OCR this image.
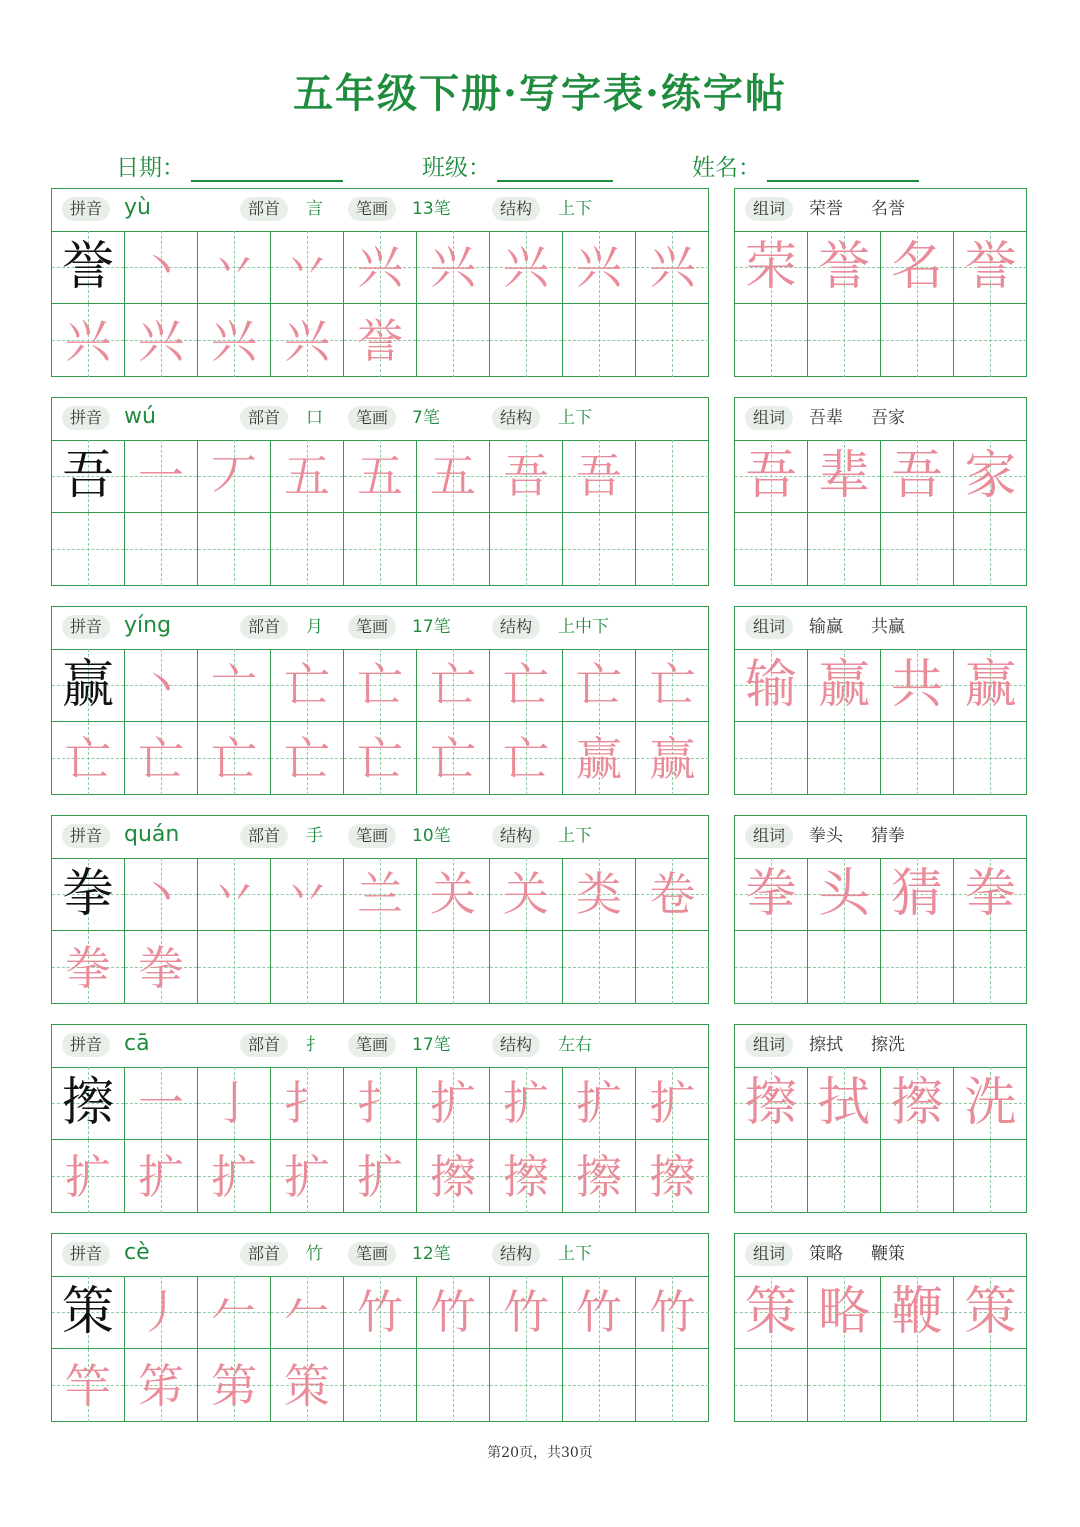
五年级下册·写字表·练字帖
日期：	班级：	姓名：
拼音 yù	部首	言	笔画	13笔	结构	上下
誉 丶 丷 丷 兴 兴 兴 兴 兴
兴 兴 兴 兴 誉
组词	荣誉 名誉
荣 誉 名 誉
拼音 wú	部首	口	笔画	7笔	结构	上下
吾 一 丆 五 五 五 吾 吾
组词	吾辈 吾家
吾 辈 吾 家
拼音 yíng	部首	月	笔画	17笔	结构	上中下
赢 丶 亠 亡 亡 亡 亡 亡 亡
亡 亡 亡 亡 亡 亡 亡 赢 赢
组词	输赢 共赢
输 赢 共 赢
拼音 quán	部首	手	笔画	10笔	结构	上下
拳 丶 丷 丷 兰 关 关 类 卷
拳 拳
组词	拳头 猜拳
拳 头 猜 拳
拼音 cā	部首	扌	笔画	17笔	结构	左右
擦 一 亅 扌 扌 扩 扩 扩 扩
扩 扩 扩 扩 扩 擦 擦 擦 擦
组词	擦拭 擦洗
擦 拭 擦 洗
拼音 cè	部首	竹	笔画	12笔	结构	上下
策 丿 𠂉 𠂉 竹 竹 竹 竹 竹
竿 笫 第 策
组词	策略 鞭策
策 略 鞭 策
第20页，共30页
